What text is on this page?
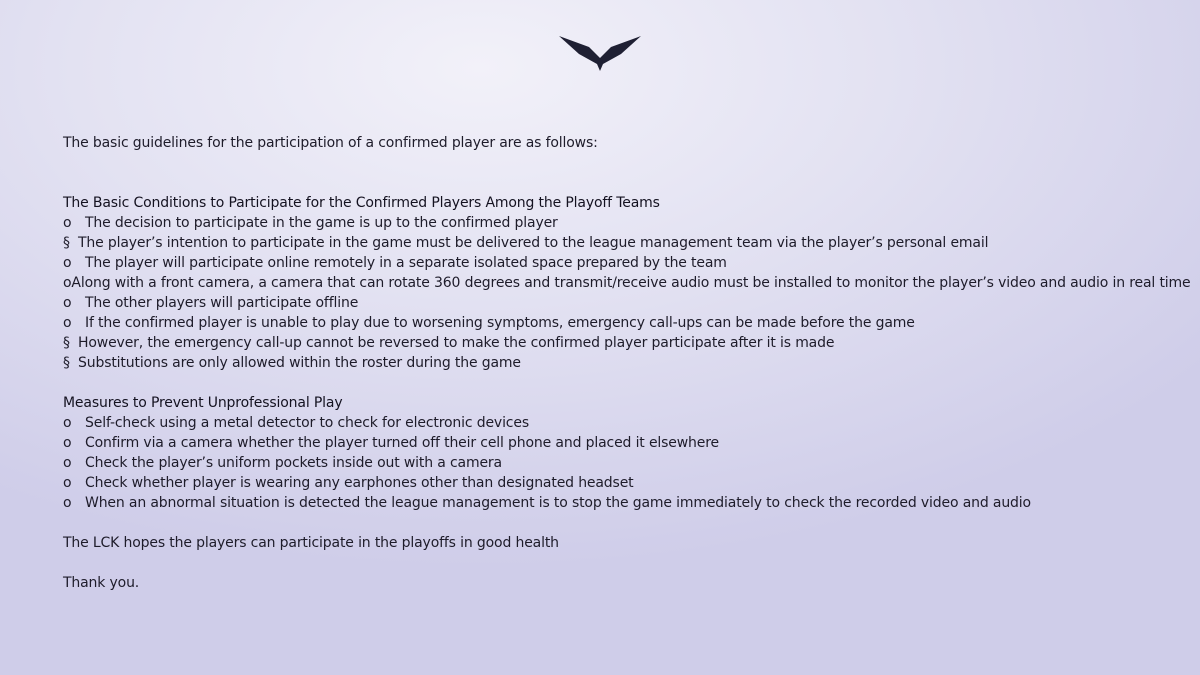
The basic guidelines for the participation of a confirmed player are as follows:
The Basic Conditions to Participate for the Confirmed Players Among the Playoff Teams
o The decision to participate in the game is up to the confirmed player
§ The player’s intention to participate in the game must be delivered to the league management team via the player’s personal email
o The player will participate online remotely in a separate isolated space prepared by the team
o Along with a front camera, a camera that can rotate 360 degrees and transmit/receive audio must be installed to monitor the player’s video and audio in real time
o The other players will participate offline
o If the confirmed player is unable to play due to worsening symptoms, emergency call-ups can be made before the game
§ However, the emergency call-up cannot be reversed to make the confirmed player participate after it is made
§ Substitutions are only allowed within the roster during the game
Measures to Prevent Unprofessional Play
o Self-check using a metal detector to check for electronic devices
o Confirm via a camera whether the player turned off their cell phone and placed it elsewhere
o Check the player’s uniform pockets inside out with a camera
o Check whether player is wearing any earphones other than designated headset
o When an abnormal situation is detected the league management is to stop the game immediately to check the recorded video and audio
The LCK hopes the players can participate in the playoffs in good health
Thank you.
